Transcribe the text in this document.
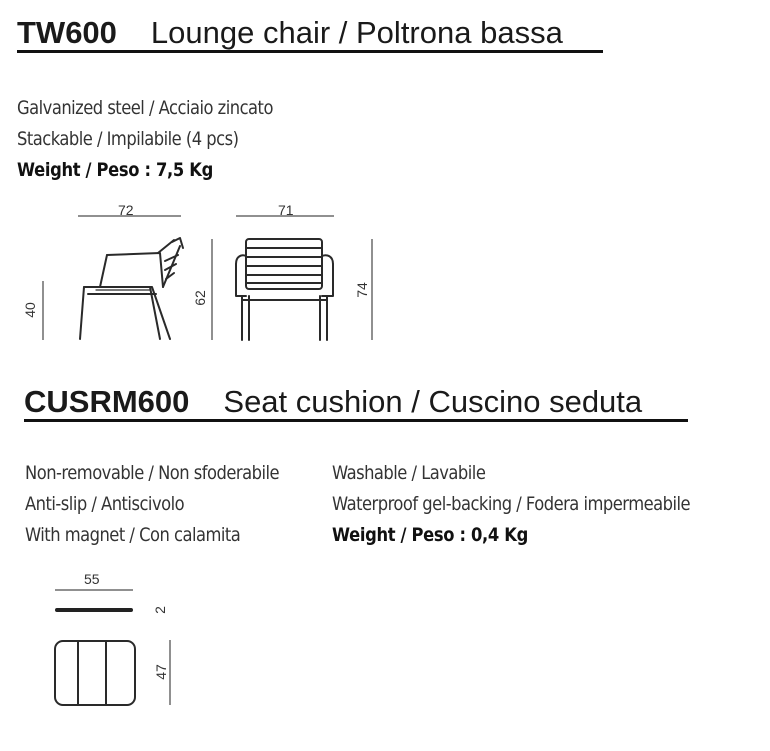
TW600 Lounge chair / Poltrona bassa
Galvanized steel / Acciaio zincato
Stackable / Impilabile (4 pcs)
Weight / Peso : 7,5 Kg
72
40
62
71
74
CUSRM600 Seat cushion / Cuscino seduta
Non-removable / Non sfoderabile
Anti-slip / Antiscivolo
With magnet / Con calamita
Washable / Lavabile
Waterproof gel-backing / Fodera impermeabile
Weight / Peso : 0,4 Kg
55
2
47
